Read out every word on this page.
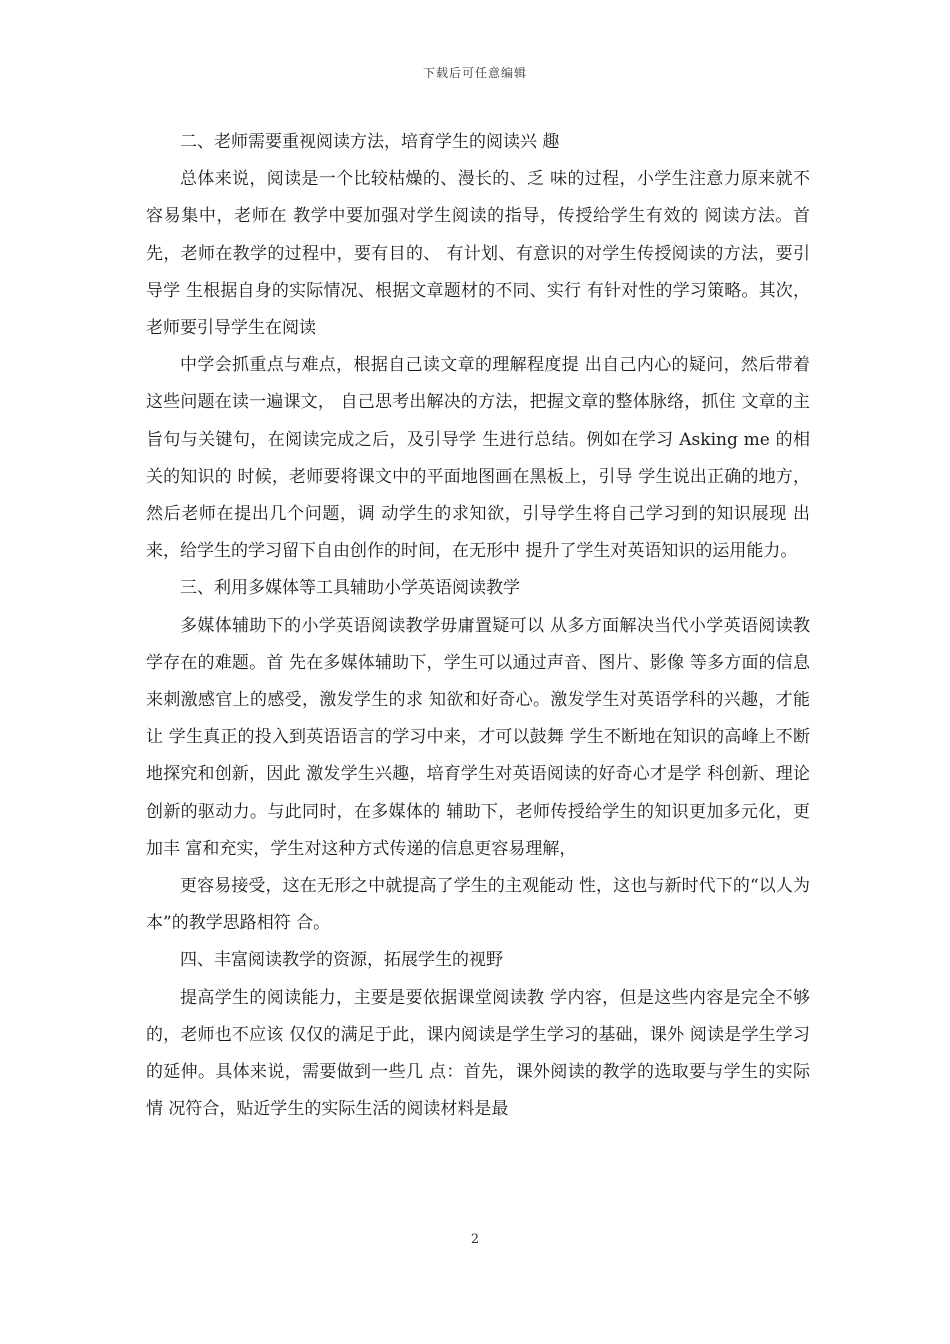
下载后可任意编辑

二、老师需要重视阅读方法，培育学生的阅读兴 趣

总体来说，阅读是一个比较枯燥的、漫长的、乏 味的过程，小学生注意力原来就不容易集中，老师在 教学中要加强对学生阅读的指导，传授给学生有效的 阅读方法。首先，老师在教学的过程中，要有目的、 有计划、有意识的对学生传授阅读的方法，要引导学 生根据自身的实际情况、根据文章题材的不同、实行 有针对性的学习策略。其次，老师要引导学生在阅读

中学会抓重点与难点，根据自己读文章的理解程度提 出自己内心的疑问，然后带着这些问题在读一遍课文， 自己思考出解决的方法，把握文章的整体脉络，抓住 文章的主旨句与关键句，在阅读完成之后，及引导学 生进行总结。例如在学习 Asking me 的相关的知识的 时候，老师要将课文中的平面地图画在黑板上，引导 学生说出正确的地方，然后老师在提出几个问题，调 动学生的求知欲，引导学生将自己学习到的知识展现 出来，给学生的学习留下自由创作的时间，在无形中 提升了学生对英语知识的运用能力。

三、利用多媒体等工具辅助小学英语阅读教学

多媒体辅助下的小学英语阅读教学毋庸置疑可以 从多方面解决当代小学英语阅读教学存在的难题。首 先在多媒体辅助下，学生可以通过声音、图片、影像 等多方面的信息来刺激感官上的感受，激发学生的求 知欲和好奇心。激发学生对英语学科的兴趣，才能让 学生真正的投入到英语语言的学习中来，才可以鼓舞 学生不断地在知识的高峰上不断地探究和创新，因此 激发学生兴趣，培育学生对英语阅读的好奇心才是学 科创新、理论创新的驱动力。与此同时，在多媒体的 辅助下，老师传授给学生的知识更加多元化，更加丰 富和充实，学生对这种方式传递的信息更容易理解，

更容易接受，这在无形之中就提高了学生的主观能动 性，这也与新时代下的“以人为本”的教学思路相符 合。

四、丰富阅读教学的资源，拓展学生的视野

提高学生的阅读能力，主要是要依据课堂阅读教 学内容，但是这些内容是完全不够的，老师也不应该 仅仅的满足于此，课内阅读是学生学习的基础，课外 阅读是学生学习的延伸。具体来说，需要做到一些几 点：首先，课外阅读的教学的选取要与学生的实际情 况符合，贴近学生的实际生活的阅读材料是最

2
